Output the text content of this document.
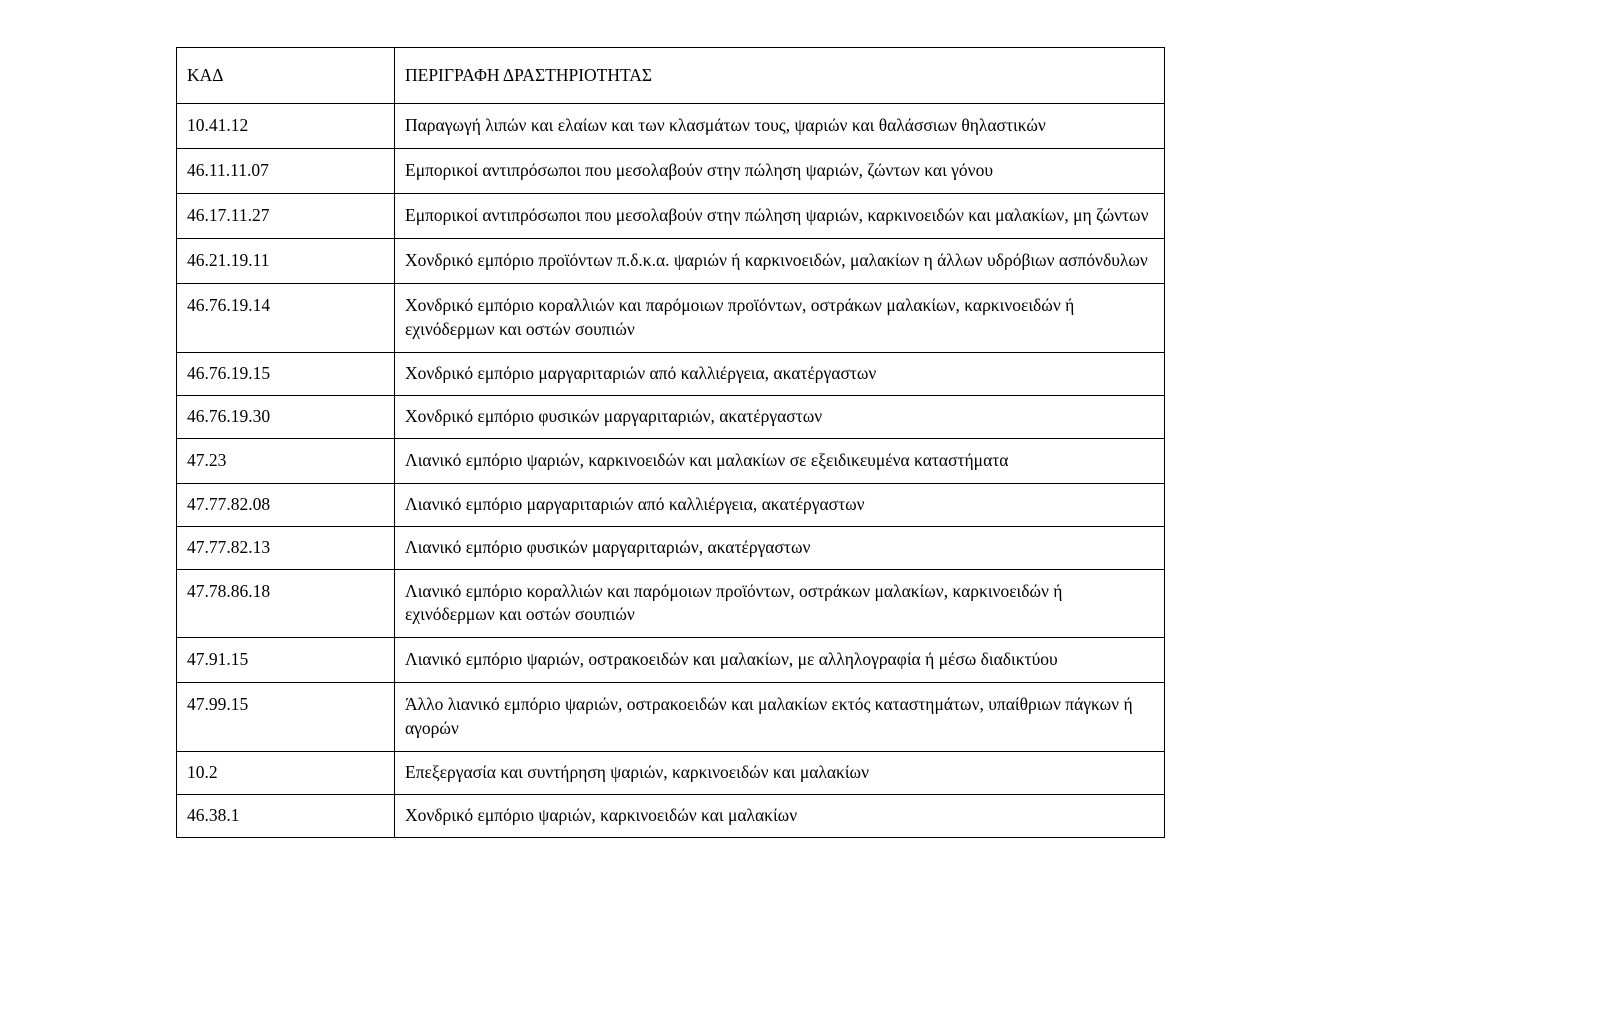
ΚΑΔ	ΠΕΡΙΓΡΑΦΗ ΔΡΑΣΤΗΡΙΟΤΗΤΑΣ
10.41.12	Παραγωγή λιπών και ελαίων και των κλασμάτων τους, ψαριών και θαλάσσιων θηλαστικών
46.11.11.07	Εμπορικοί αντιπρόσωποι που μεσολαβούν στην πώληση ψαριών, ζώντων και γόνου
46.17.11.27	Εμπορικοί αντιπρόσωποι που μεσολαβούν στην πώληση ψαριών, καρκινοειδών και μαλακίων, μη ζώντων
46.21.19.11	Χονδρικό εμπόριο προϊόντων π.δ.κ.α. ψαριών ή καρκινοειδών, μαλακίων η άλλων υδρόβιων ασπόνδυλων
46.76.19.14	Χονδρικό εμπόριο κοραλλιών και παρόμοιων προϊόντων, οστράκων μαλακίων, καρκινοειδών ή εχινόδερμων και οστών σουπιών
46.76.19.15	Χονδρικό εμπόριο μαργαριταριών από καλλιέργεια, ακατέργαστων
46.76.19.30	Χονδρικό εμπόριο φυσικών μαργαριταριών, ακατέργαστων
47.23	Λιανικό εμπόριο ψαριών, καρκινοειδών και μαλακίων σε εξειδικευμένα καταστήματα
47.77.82.08	Λιανικό εμπόριο μαργαριταριών από καλλιέργεια, ακατέργαστων
47.77.82.13	Λιανικό εμπόριο φυσικών μαργαριταριών, ακατέργαστων
47.78.86.18	Λιανικό εμπόριο κοραλλιών και παρόμοιων προϊόντων, οστράκων μαλακίων, καρκινοειδών ή εχινόδερμων και οστών σουπιών
47.91.15	Λιανικό εμπόριο ψαριών, οστρακοειδών και μαλακίων, με αλληλογραφία ή μέσω διαδικτύου
47.99.15	Άλλο λιανικό εμπόριο ψαριών, οστρακοειδών και μαλακίων εκτός καταστημάτων, υπαίθριων πάγκων ή αγορών
10.2	Επεξεργασία και συντήρηση ψαριών, καρκινοειδών και μαλακίων
46.38.1	Χονδρικό εμπόριο ψαριών, καρκινοειδών και μαλακίων
